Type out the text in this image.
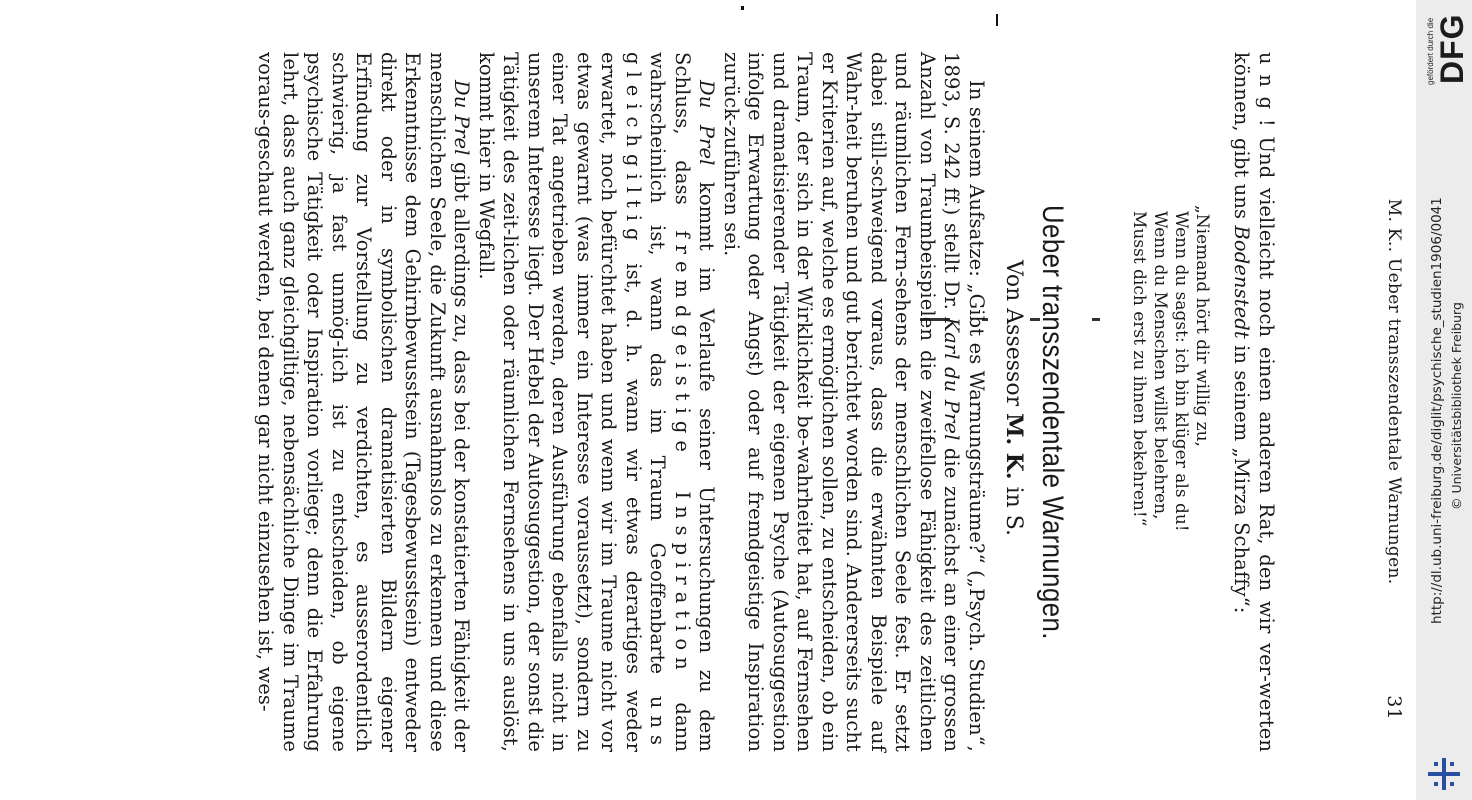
M. K.. Ueber transszendentale Warnungen.
31

u n g ! Und vielleicht noch einen anderen Rat, den wir ver-werten können, gibt uns Bodenstedt in seinem „Mirza Schaffy“:

„Niemand hört dir willig zu,
Wenn du sagst: ich bin klüger als du!
Wenn du Menschen willst belehren,
Musst dich erst zu ihnen bekehren!“
Ueber transszendentale Warnungen.
Von Assessor M. K. in S.

In seinem Aufsatze: „Gibt es Warnungsträume?“ („Psych. Studien“, 1893, S. 242 ff.) stellt Dr. Karl du Prel die zunächst an einer grossen Anzahl von Traumbeispielen die zweifellose Fähigkeit des zeitlichen und räumlichen Fern-sehens der menschlichen Seele fest. Er setzt dabei still-schweigend voraus, dass die erwähnten Beispiele auf Wahr-heit beruhen und gut berichtet worden sind. Andererseits sucht er Kriterien auf, welche es ermöglichen sollen, zu entscheiden, ob ein Traum, der sich in der Wirklichkeit be-wahrheitet hat, auf Fernsehen und dramatisierender Tätigkeit der eigenen Psyche (Autosuggestion infolge Erwartung oder Angst) oder auf fremdgeistige Inspiration zurück-zuführen sei.

Du Prel kommt im Verlaufe seiner Untersuchungen zu dem Schluss, dass fremdgeistige Inspiration dann wahrscheinlich ist, wann das im Traum Geoffenbarte uns gleichgiltig ist, d. h. wann wir etwas derartiges weder erwartet, noch befürchtet haben und wenn wir im Traume nicht vor etwas gewarnt (was immer ein Interesse voraussetzt), sondern zu einer Tat angetrieben werden, deren Ausführung ebenfalls nicht in unserem Interesse liegt. Der Hebel der Autosuggestion, der sonst die Tätigkeit des zeit-lichen oder räumlichen Fernsehens in uns auslöst, kommt hier in Wegfall.

Du Prel gibt allerdings zu, dass bei der konstatierten Fähigkeit der menschlichen Seele, die Zukunft ausnahmslos zu erkennen und diese Erkenntnisse dem Gehirnbewusstsein (Tagesbewusstsein) entweder direkt oder in symbolischen dramatisierten Bildern eigener Erfindung zur Vorstellung zu verdichten, es ausserordentlich schwierig, ja fast unmög-lich ist zu entscheiden, ob eigene psychische Tätigkeit oder Inspiration vorliege; denn die Erfahrung lehrt, dass auch ganz gleichgiltige, nebensächliche Dinge im Traume voraus-geschaut werden, bei denen gar nicht einzusehen ist, wes-	http://dl.ub.uni-freiburg.de/diglit/psychische_studien1906/0041 © Universitätsbibliothek Freiburg
gefördert durch die DFG
